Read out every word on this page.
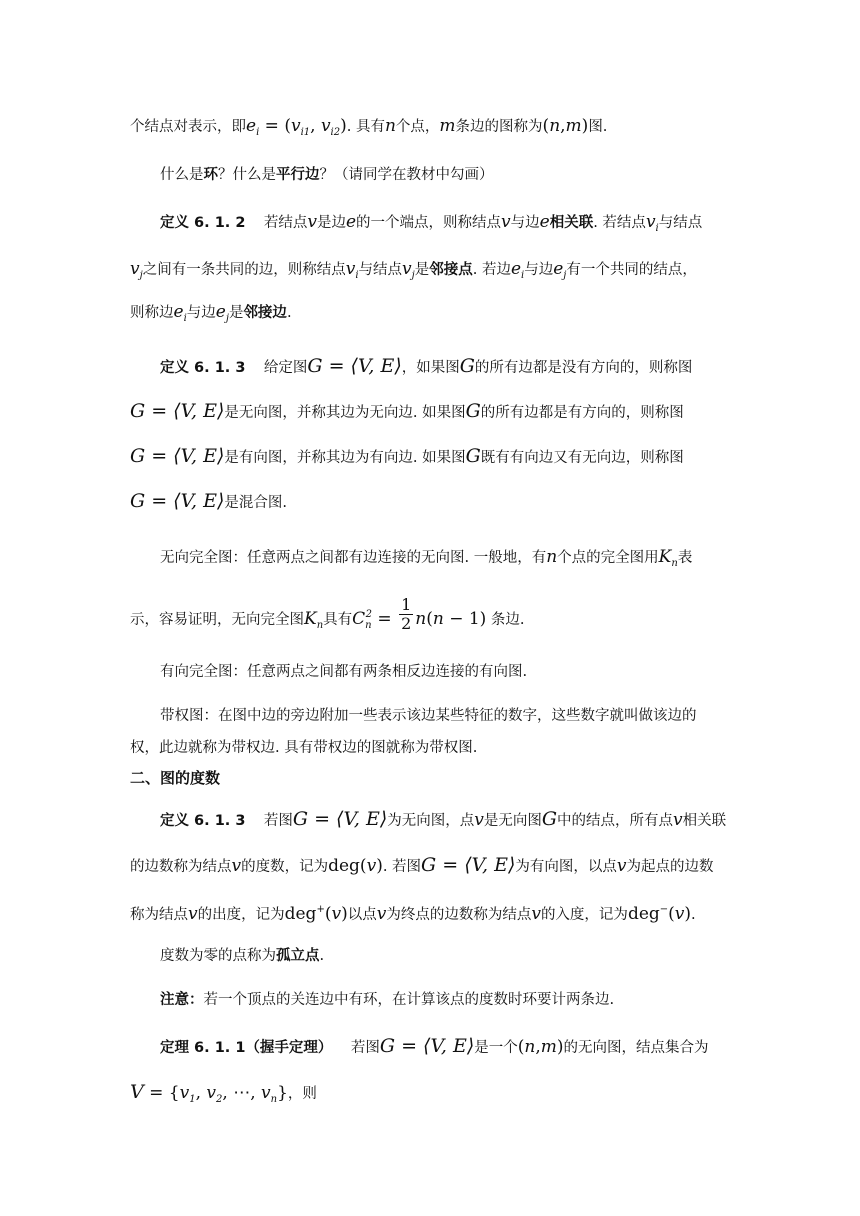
个结点对表示，即$e_i = (v_{i1}$, $v_{i2}$). 具有n个点，m条边的图称为(n,m)图.
什么是环？什么是平行边？（请同学在教材中勾画）
定义 6. 1. 2 若结点v是边e的一个端点，则称结点v与边e相关联. 若结点$v_i$与结点
$v_j$之间有一条共同的边，则称结点$v_i$与结点$v_j$是邻接点. 若边$e_i$与边$e_j$有一个共同的结点，
则称边$e_i$与边$e_j$是邻接边.
定义 6. 1. 3 给定图G = ⟨V, E⟩，如果图G的所有边都是没有方向的，则称图
G = ⟨V, E⟩是无向图，并称其边为无向边. 如果图G的所有边都是有方向的，则称图
G = ⟨V, E⟩是有向图，并称其边为有向边. 如果图G既有有向边又有无向边，则称图
G = ⟨V, E⟩是混合图.
无向完全图：任意两点之间都有边连接的无向图. 一般地，有n个点的完全图用$K_n$表
示，容易证明，无向完全图$K_n$具有$C_n^2 = \frac{1}{2} n(n - 1)$ 条边.
有向完全图：任意两点之间都有两条相反边连接的有向图.
带权图：在图中边的旁边附加一些表示该边某些特征的数字，这些数字就叫做该边的
权，此边就称为带权边. 具有带权边的图就称为带权图.
二、图的度数
定义 6. 1. 3 若图G = ⟨V, E⟩为无向图，点v是无向图G中的结点，所有点v相关联
的边数称为结点v的度数，记为deg(v). 若图G = ⟨V, E⟩为有向图，以点v为起点的边数
称为结点v的出度，记为deg+(v)以点v为终点的边数称为结点v的入度，记为deg−(v).
度数为零的点称为孤立点.
注意：若一个顶点的关连边中有环，在计算该点的度数时环要计两条边.
定理 6. 1. 1（握手定理） 若图G = ⟨V, E⟩是一个(n,m)的无向图，结点集合为
$V = \{v_1$, $v_2$, ⋯, $v_n$}，则
